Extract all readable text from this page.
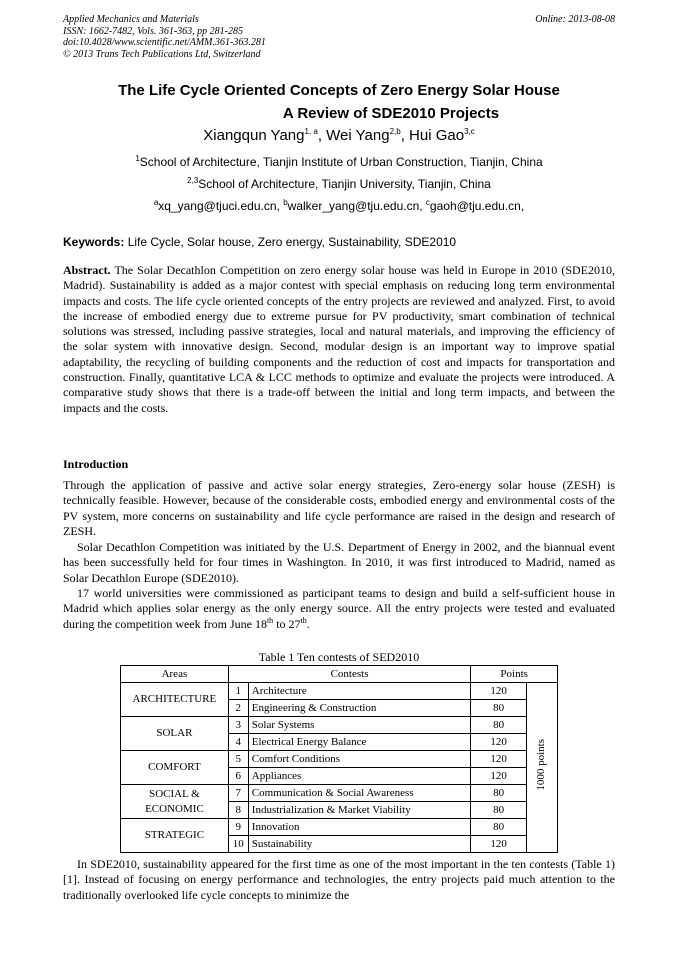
Applied Mechanics and Materials
ISSN: 1662-7482, Vols. 361-363, pp 281-285
doi:10.4028/www.scientific.net/AMM.361-363.281
© 2013 Trans Tech Publications Ltd, Switzerland
Online: 2013-08-08
The Life Cycle Oriented Concepts of Zero Energy Solar House
A Review of SDE2010 Projects
Xiangqun Yang$^{1, a}$, Wei Yang$^{2,b}$, Hui Gao$^{3,c}$
$^1$School of Architecture, Tianjin Institute of Urban Construction, Tianjin, China
$^{2,3}$School of Architecture, Tianjin University, Tianjin, China
$^a$xq_yang@tjuci.edu.cn, $^b$walker_yang@tju.edu.cn, $^c$gaoh@tju.edu.cn,
Keywords: Life Cycle, Solar house, Zero energy, Sustainability, SDE2010

Abstract. The Solar Decathlon Competition on zero energy solar house was held in Europe in 2010 (SDE2010, Madrid). Sustainability is added as a major contest with special emphasis on reducing long term environmental impacts and costs. The life cycle oriented concepts of the entry projects are reviewed and analyzed. First, to avoid the increase of embodied energy due to extreme pursue for PV productivity, smart combination of technical solutions was stressed, including passive strategies, local and natural materials, and improving the efficiency of the solar system with innovative design. Second, modular design is an important way to improve spatial adaptability, the recycling of building components and the reduction of cost and impacts for transportation and construction. Finally, quantitative LCA & LCC methods to optimize and evaluate the projects were introduced. A comparative study shows that there is a trade-off between the initial and long term impacts, and between the impacts and the costs.

Introduction

Through the application of passive and active solar energy strategies, Zero-energy solar house (ZESH) is technically feasible. However, because of the considerable costs, embodied energy and environmental costs of the PV system, more concerns on sustainability and life cycle performance are raised in the design and research of ZESH.

Solar Decathlon Competition was initiated by the U.S. Department of Energy in 2002, and the biannual event has been successfully held for four times in Washington. In 2010, it was first introduced to Madrid, named as Solar Decathlon Europe (SDE2010).

17 world universities were commissioned as participant teams to design and build a self-sufficient house in Madrid which applies solar energy as the only energy source. All the entry projects were tested and evaluated during the competition week from June 18th to 27th.

Table 1 Ten contests of SED2010
Areas	Contests		Points	
ARCHITECTURE	1	Architecture	120	1000 points
	2	Engineering & Construction	80	
SOLAR	3	Solar Systems	80	
	4	Electrical Energy Balance	120	
COMFORT	5	Comfort Conditions	120	
	6	Appliances	120	
SOCIAL & ECONOMIC	7	Communication & Social Awareness	80	
	8	Industrialization & Market Viability	80	
STRATEGIC	9	Innovation	80	
	10	Sustainability	120	

In SDE2010, sustainability appeared for the first time as one of the most important in the ten contests (Table 1) [1]. Instead of focusing on energy performance and technologies, the entry projects paid much attention to the traditionally overlooked life cycle concepts to minimize the
